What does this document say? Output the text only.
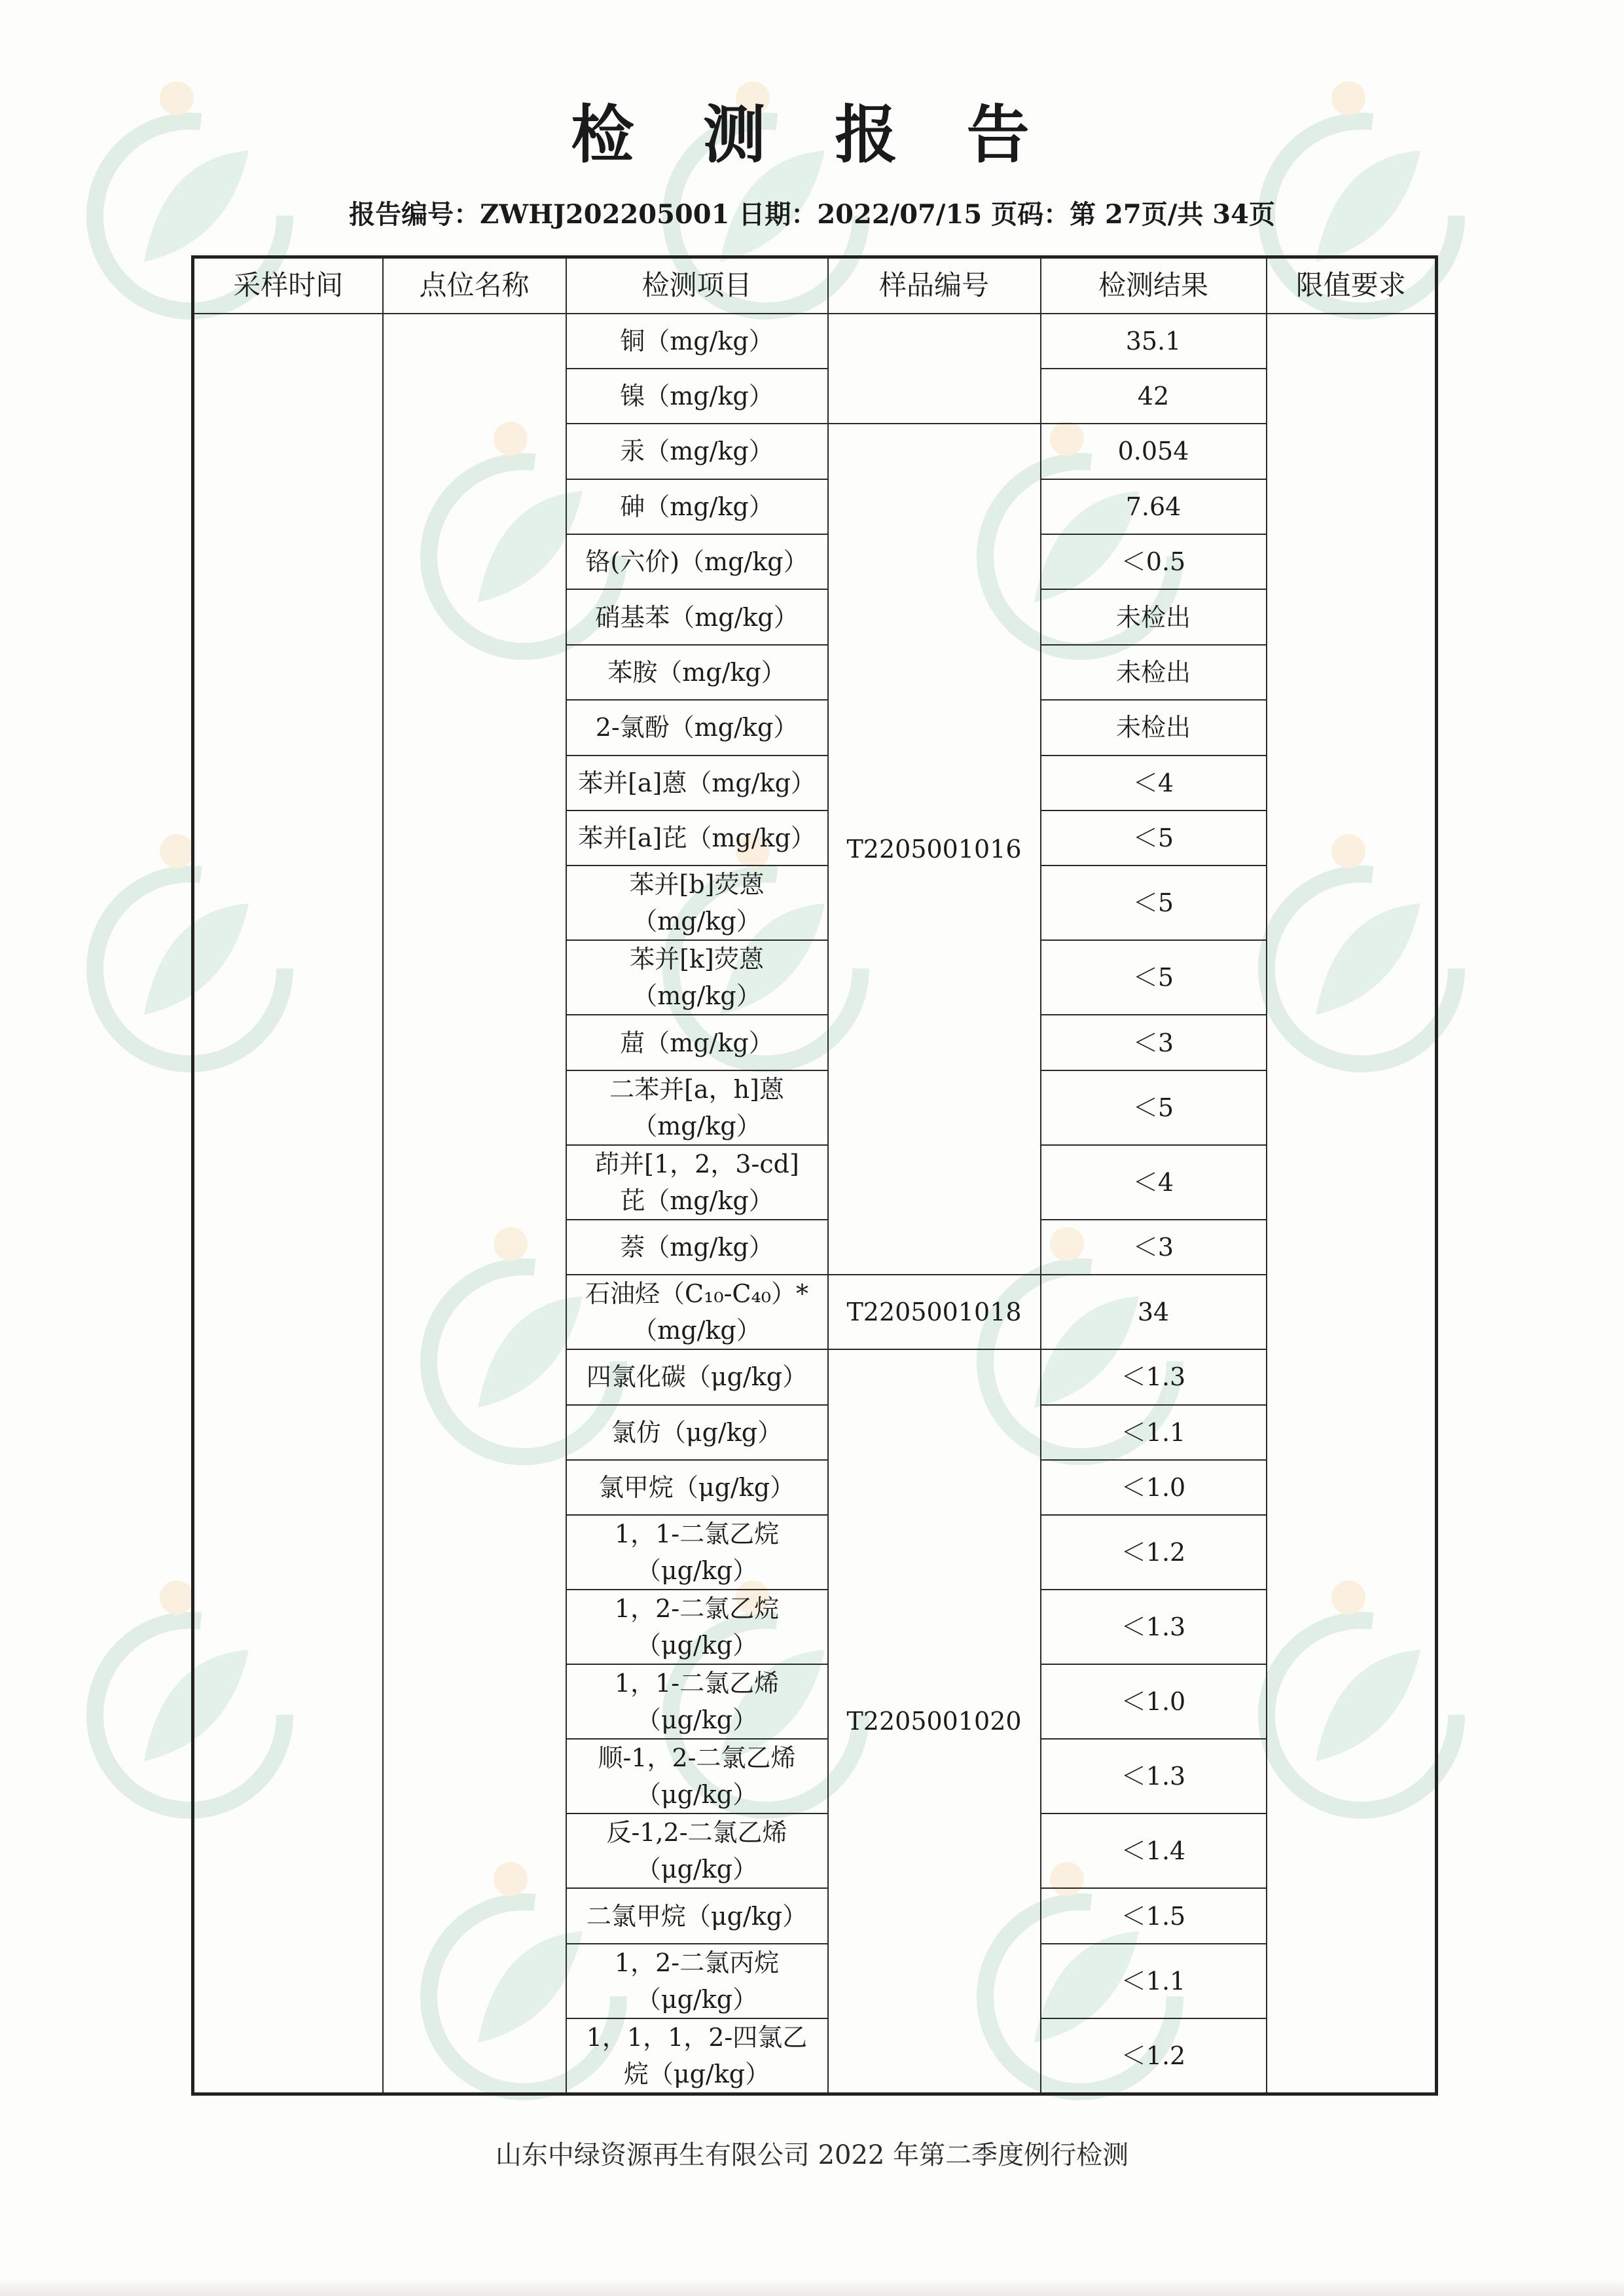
检 测 报 告
报告编号：ZWHJ202205001 日期：2022/07/15 页码：第 27页/共 34页
采样时间	点位名称	检测项目	样品编号	检测结果	限值要求
		铜（mg/kg）		35.1	
		镍（mg/kg）		42	
		汞（mg/kg）	T2205001016	0.054	
		砷（mg/kg）		7.64	
		铬(六价)（mg/kg）		＜0.5	
		硝基苯（mg/kg）		未检出	
		苯胺（mg/kg）		未检出	
		2-氯酚（mg/kg）		未检出	
		苯并[a]蒽（mg/kg）		＜4	
		苯并[a]芘（mg/kg）		＜5	
		苯并[b]荧蒽
（mg/kg）		＜5	
		苯并[k]荧蒽
（mg/kg）		＜5	
		䓛（mg/kg）		＜3	
		二苯并[a，h]蒽
（mg/kg）		＜5	
		茚并[1，2，3-cd]
芘（mg/kg）		＜4	
		萘（mg/kg）		＜3	
		石油烃（C₁₀-C₄₀）*
（mg/kg）	T2205001018	34	
		四氯化碳（μg/kg）	T2205001020	＜1.3	
		氯仿（μg/kg）		＜1.1	
		氯甲烷（μg/kg）		＜1.0	
		1，1-二氯乙烷
（μg/kg）		＜1.2	
		1，2-二氯乙烷
（μg/kg）		＜1.3	
		1，1-二氯乙烯
（μg/kg）		＜1.0	
		顺-1，2-二氯乙烯
（μg/kg）		＜1.3	
		反-1,2-二氯乙烯
（μg/kg）		＜1.4	
		二氯甲烷（μg/kg）		＜1.5	
		1，2-二氯丙烷
（μg/kg）		＜1.1	
		1，1，1，2-四氯乙
烷（μg/kg）		＜1.2	
山东中绿资源再生有限公司 2022 年第二季度例行检测
